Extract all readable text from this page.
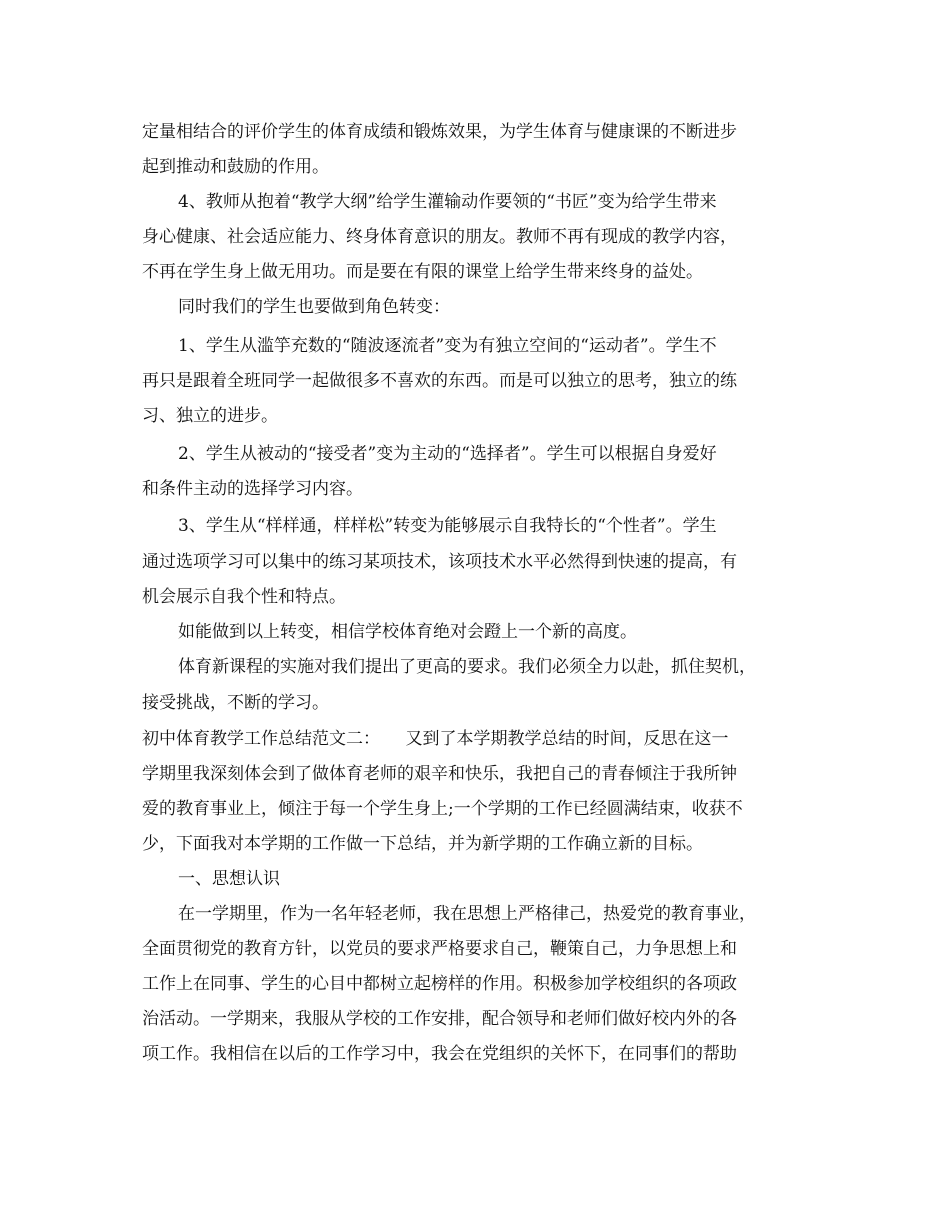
定量相结合的评价学生的体育成绩和锻炼效果，为学生体育与健康课的不断进步

起到推动和鼓励的作用。

4、教师从抱着“教学大纲”给学生灌输动作要领的“书匠”变为给学生带来

身心健康、社会适应能力、终身体育意识的朋友。教师不再有现成的教学内容，

不再在学生身上做无用功。而是要在有限的课堂上给学生带来终身的益处。

同时我们的学生也要做到角色转变：

1、学生从滥竽充数的“随波逐流者”变为有独立空间的“运动者”。学生不

再只是跟着全班同学一起做很多不喜欢的东西。而是可以独立的思考，独立的练

习、独立的进步。

2、学生从被动的“接受者”变为主动的“选择者”。学生可以根据自身爱好

和条件主动的选择学习内容。

3、学生从“样样通，样样松”转变为能够展示自我特长的“个性者”。学生

通过选项学习可以集中的练习某项技术，该项技术水平必然得到快速的提高，有

机会展示自我个性和特点。

如能做到以上转变，相信学校体育绝对会蹬上一个新的高度。

体育新课程的实施对我们提出了更高的要求。我们必须全力以赴，抓住契机，

接受挑战，不断的学习。

初中体育教学工作总结范文二：　　又到了本学期教学总结的时间，反思在这一

学期里我深刻体会到了做体育老师的艰辛和快乐，我把自己的青春倾注于我所钟

爱的教育事业上，倾注于每一个学生身上;一个学期的工作已经圆满结束，收获不

少，下面我对本学期的工作做一下总结，并为新学期的工作确立新的目标。

一、思想认识

在一学期里，作为一名年轻老师，我在思想上严格律己，热爱党的教育事业，

全面贯彻党的教育方针，以党员的要求严格要求自己，鞭策自己，力争思想上和

工作上在同事、学生的心目中都树立起榜样的作用。积极参加学校组织的各项政

治活动。一学期来，我服从学校的工作安排，配合领导和老师们做好校内外的各

项工作。我相信在以后的工作学习中，我会在党组织的关怀下，在同事们的帮助
